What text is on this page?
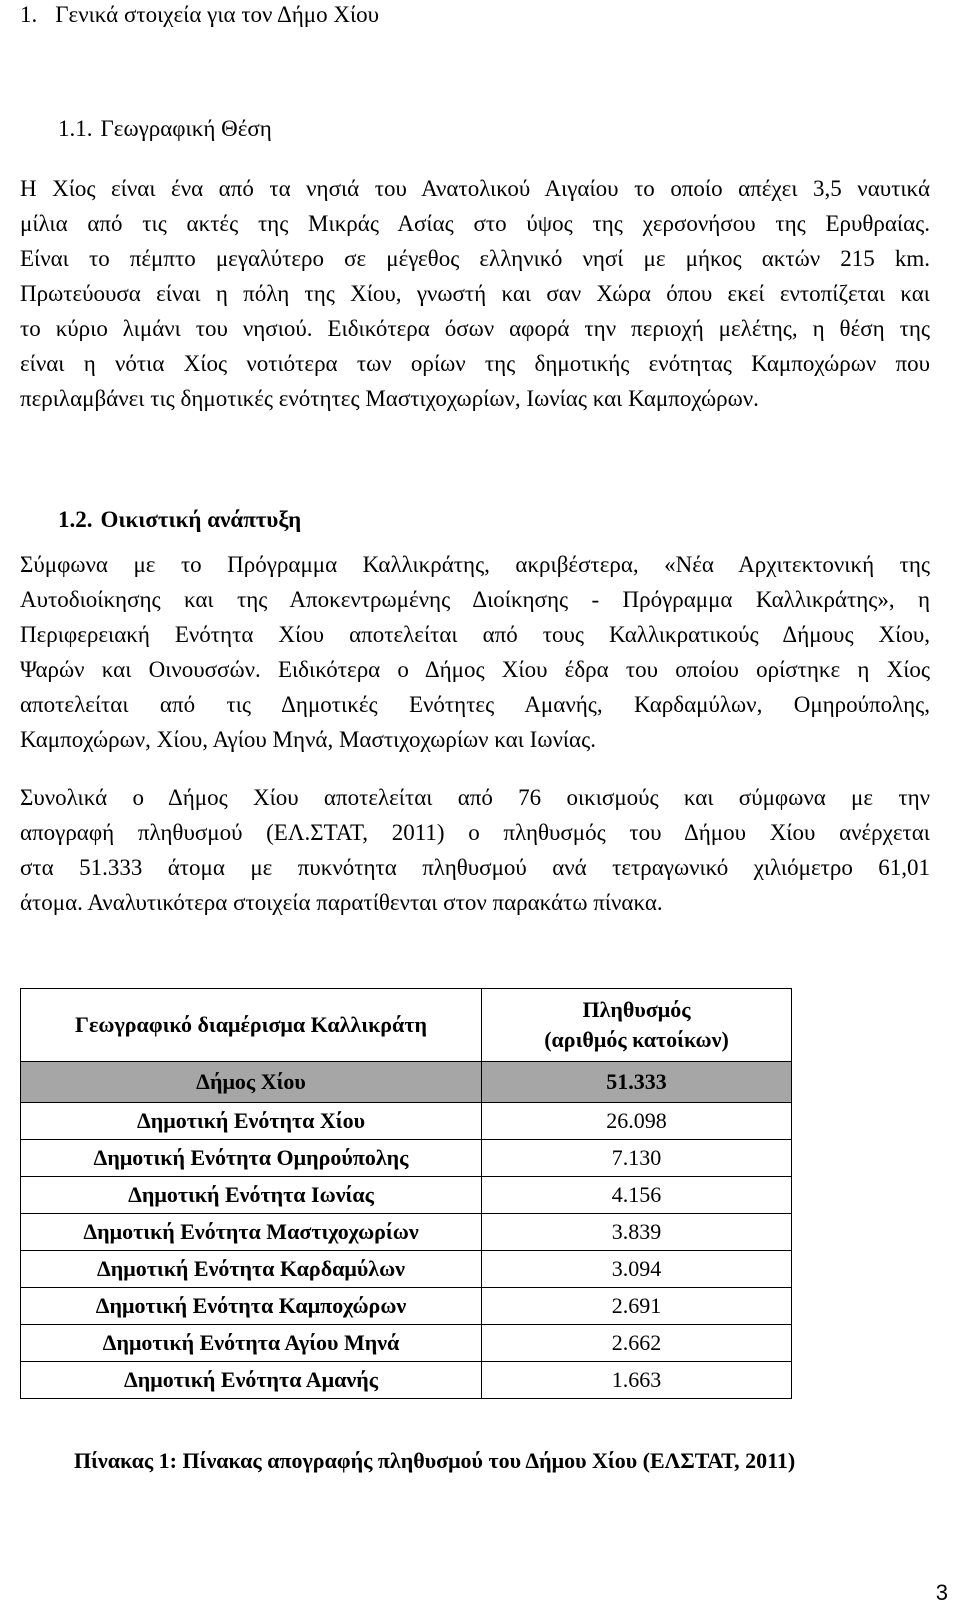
1. Γενικά στοιχεία για τον Δήμο Χίου
1.1. Γεωγραφική Θέση
Η Χίος είναι ένα από τα νησιά του Ανατολικού Αιγαίου το οποίο απέχει 3,5 ναυτικά
μίλια από τις ακτές της Μικράς Ασίας στο ύψος της χερσονήσου της Ερυθραίας.
Είναι το πέμπτο μεγαλύτερο σε μέγεθος ελληνικό νησί με μήκος ακτών 215 km.
Πρωτεύουσα είναι η πόλη της Χίου, γνωστή και σαν Χώρα όπου εκεί εντοπίζεται και
το κύριο λιμάνι του νησιού. Ειδικότερα όσων αφορά την περιοχή μελέτης, η θέση της
είναι η νότια Χίος νοτιότερα των ορίων της δημοτικής ενότητας Καμποχώρων που
περιλαμβάνει τις δημοτικές ενότητες Μαστιχοχωρίων, Ιωνίας και Καμποχώρων.
1.2. Οικιστική ανάπτυξη
Σύμφωνα με το Πρόγραμμα Καλλικράτης, ακριβέστερα, «Νέα Αρχιτεκτονική της
Αυτοδιοίκησης και της Αποκεντρωμένης Διοίκησης - Πρόγραμμα Καλλικράτης», η
Περιφερειακή Ενότητα Χίου αποτελείται από τους Καλλικρατικούς Δήμους Χίου,
Ψαρών και Οινουσσών. Ειδικότερα ο Δήμος Χίου έδρα του οποίου ορίστηκε η Χίος
αποτελείται από τις Δημοτικές Ενότητες Αμανής, Καρδαμύλων, Ομηρούπολης,
Καμποχώρων, Χίου, Αγίου Μηνά, Μαστιχοχωρίων και Ιωνίας.
Συνολικά ο Δήμος Χίου αποτελείται από 76 οικισμούς και σύμφωνα με την
απογραφή πληθυσμού (ΕΛ.ΣΤΑΤ, 2011) ο πληθυσμός του Δήμου Χίου ανέρχεται
στα 51.333 άτομα με πυκνότητα πληθυσμού ανά τετραγωνικό χιλιόμετρο 61,01
άτομα. Αναλυτικότερα στοιχεία παρατίθενται στον παρακάτω πίνακα.
Γεωγραφικό διαμέρισμα Καλλικράτη	Πληθυσμός
(αριθμός κατοίκων)
Δήμος Χίου	51.333
Δημοτική Ενότητα Χίου	26.098
Δημοτική Ενότητα Ομηρούπολης	7.130
Δημοτική Ενότητα Ιωνίας	4.156
Δημοτική Ενότητα Μαστιχοχωρίων	3.839
Δημοτική Ενότητα Καρδαμύλων	3.094
Δημοτική Ενότητα Καμποχώρων	2.691
Δημοτική Ενότητα Αγίου Μηνά	2.662
Δημοτική Ενότητα Αμανής	1.663
Πίνακας 1: Πίνακας απογραφής πληθυσμού του Δήμου Χίου (ΕΛΣΤΑΤ, 2011)
3
